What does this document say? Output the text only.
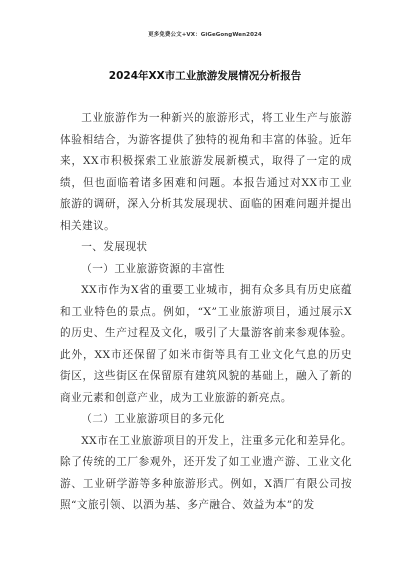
更多免费公文+VX：GiGeGongWen2024
2024年XX市工业旅游发展情况分析报告

工业旅游作为一种新兴的旅游形式，将工业生产与旅游体验相结合，为游客提供了独特的视角和丰富的体验。近年来，XX市积极探索工业旅游发展新模式，取得了一定的成绩，但也面临着诸多困难和问题。本报告通过对XX市工业旅游的调研，深入分析其发展现状、面临的困难问题并提出相关建议。

一、发展现状

（一）工业旅游资源的丰富性

XX市作为X省的重要工业城市，拥有众多具有历史底蕴和工业特色的景点。例如，“X”工业旅游项目，通过展示X的历史、生产过程及文化，吸引了大量游客前来参观体验。此外，XX市还保留了如米市街等具有工业文化气息的历史街区，这些街区在保留原有建筑风貌的基础上，融入了新的商业元素和创意产业，成为工业旅游的新亮点。

（二）工业旅游项目的多元化

XX市在工业旅游项目的开发上，注重多元化和差异化。除了传统的工厂参观外，还开发了如工业遗产游、工业文化游、工业研学游等多种旅游形式。例如，X酒厂有限公司按照“文旅引领、以酒为基、多产融合、效益为本”的发
